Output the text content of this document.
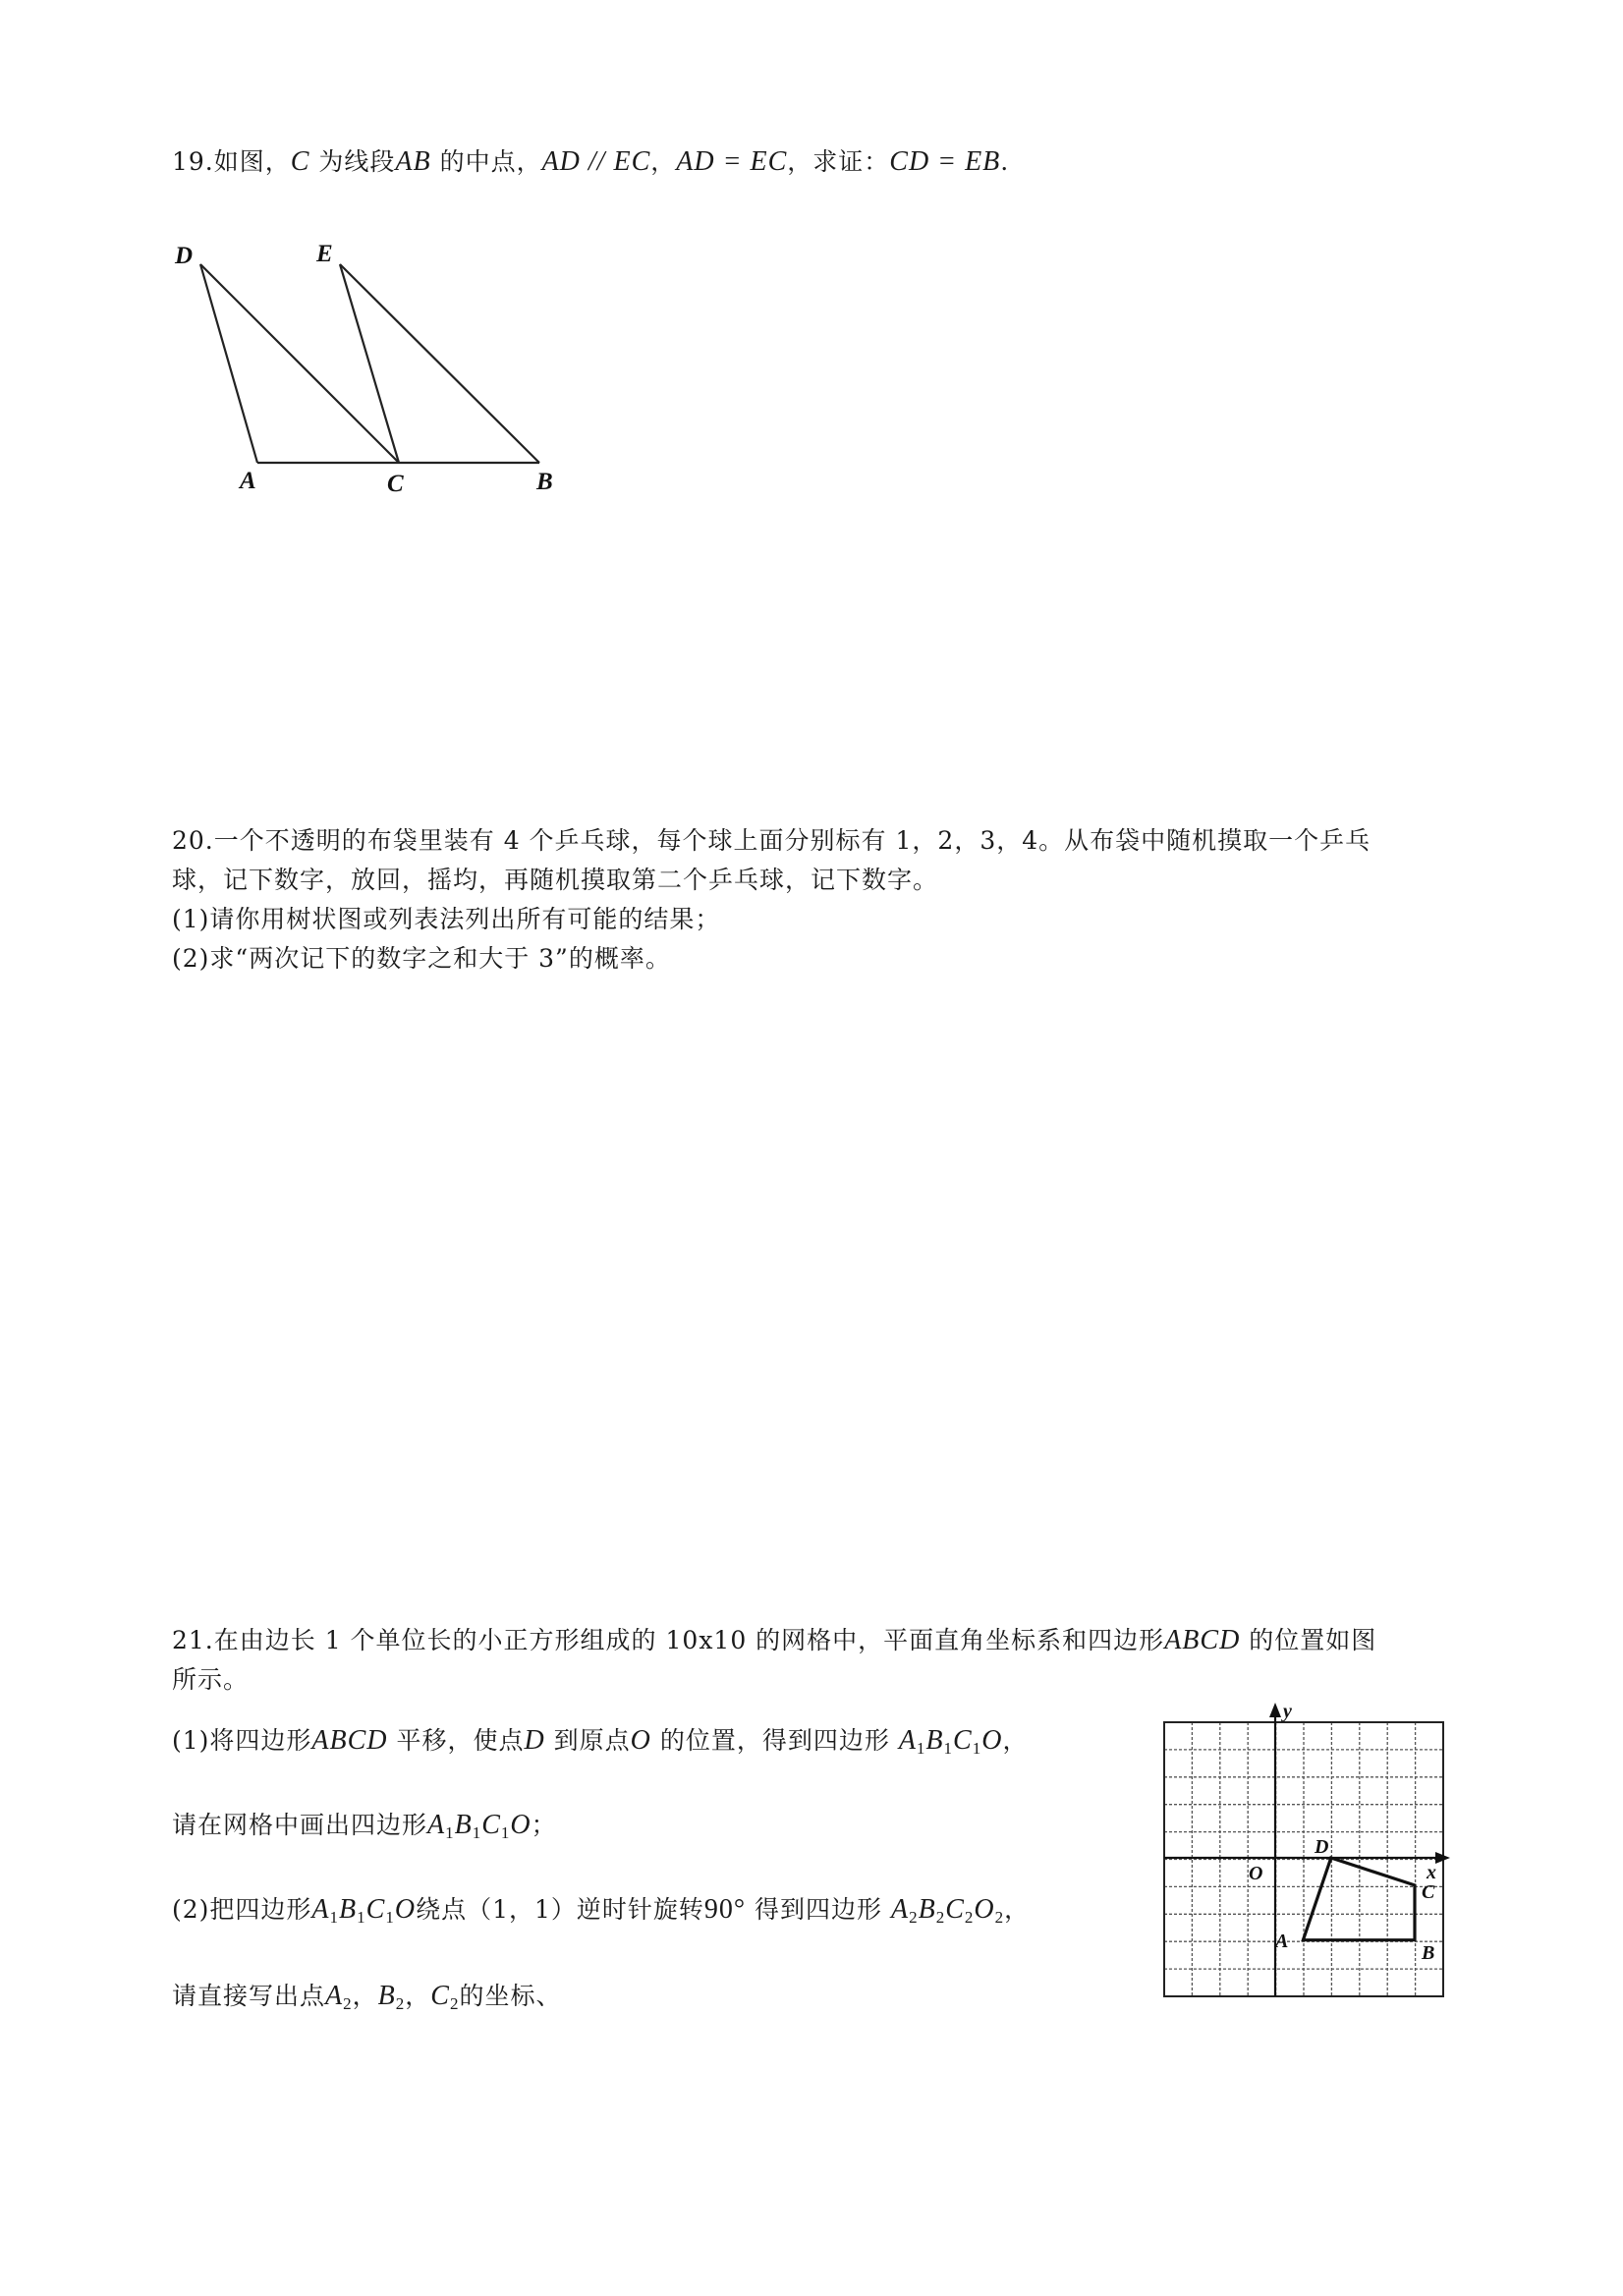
19.如图，C 为线段AB 的中点，AD // EC，AD = EC，求证：CD = EB.
D	E
A	C	B
20.一个不透明的布袋里装有 4 个乒乓球，每个球上面分别标有 1，2，3，4。从布袋中随机摸取一个乒乓
球，记下数字，放回，摇均，再随机摸取第二个乒乓球，记下数字。
(1)请你用树状图或列表法列出所有可能的结果；
(2)求“两次记下的数字之和大于 3”的概率。
21.在由边长 1 个单位长的小正方形组成的 10x10 的网格中，平面直角坐标系和四边形ABCD 的位置如图
所示。
(1)将四边形ABCD 平移，使点D 到原点O 的位置，得到四边形 $A_1B_1C_1O$，
请在网格中画出四边形$A_1B_1C_1O$；
(2)把四边形$A_1B_1C_1O$绕点（1，1）逆时针旋转90° 得到四边形 $A_2B_2C_2O_2$，
请直接写出点$A_2$，$B_2$，$C_2$的坐标、
y
x
O
D
C
A
B
